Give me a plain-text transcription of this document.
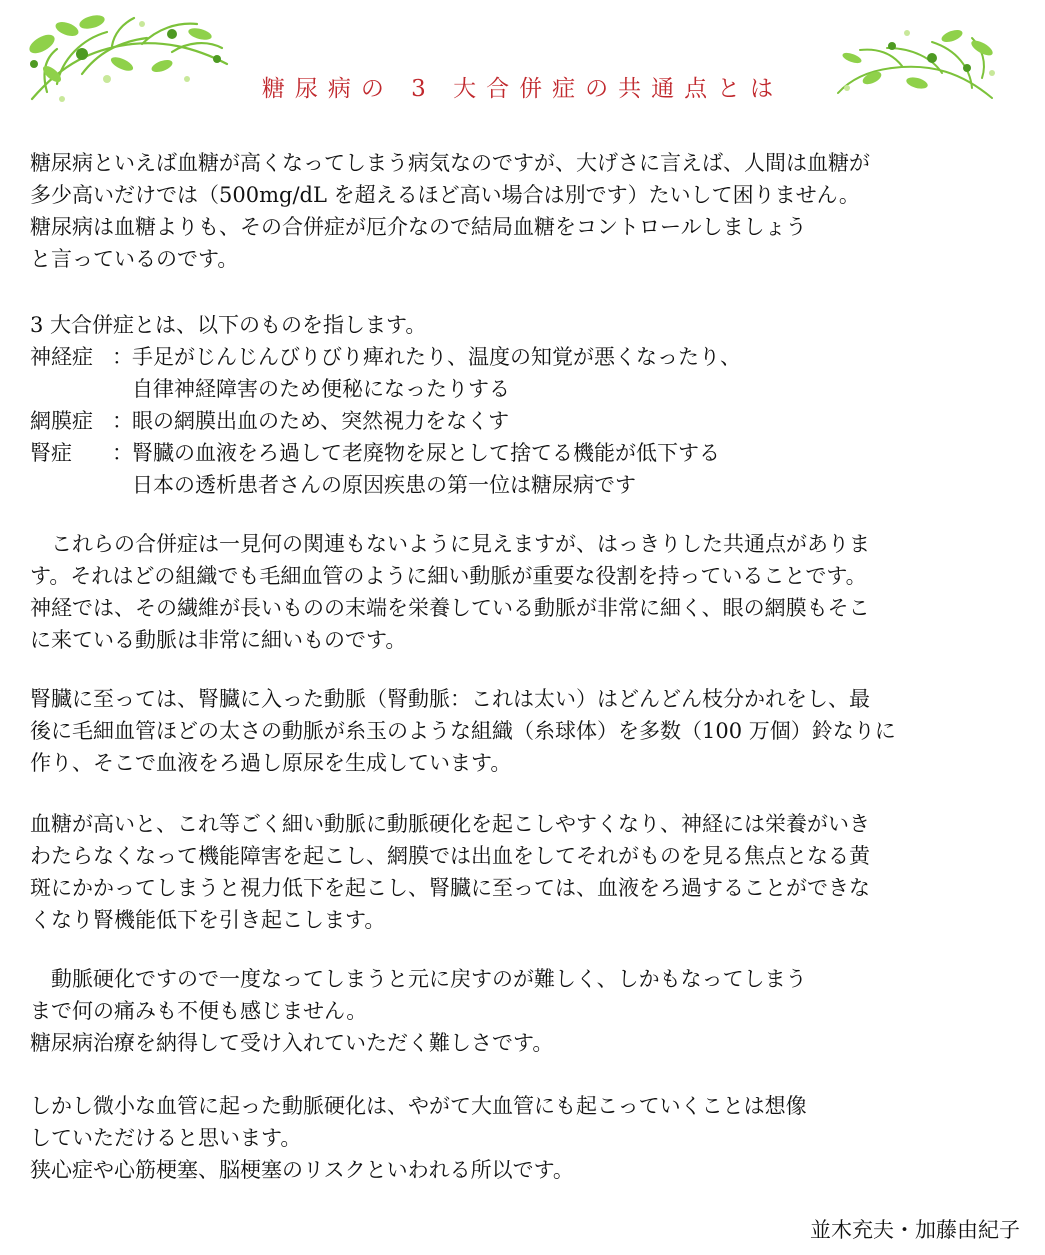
糖尿病の 3 大合併症の共通点とは
糖尿病といえば血糖が高くなってしまう病気なのですが、大げさに言えば、人間は血糖が
多少高いだけでは（500mg/dL を超えるほど高い場合は別です）たいして困りません。
糖尿病は血糖よりも、その合併症が厄介なので結局血糖をコントロールしましょう
と言っているのです。
3 大合併症とは、以下のものを指します。
神経症 ： 手足がじんじんびりびり痺れたり、温度の知覚が悪くなったり、
自律神経障害のため便秘になったりする
網膜症 ： 眼の網膜出血のため、突然視力をなくす
腎症	： 腎臓の血液をろ過して老廃物を尿として捨てる機能が低下する
日本の透析患者さんの原因疾患の第一位は糖尿病です
これらの合併症は一見何の関連もないように見えますが、はっきりした共通点がありま
す。それはどの組織でも毛細血管のように細い動脈が重要な役割を持っていることです。
神経では、その繊維が長いものの末端を栄養している動脈が非常に細く、眼の網膜もそこ
に来ている動脈は非常に細いものです。
腎臓に至っては、腎臓に入った動脈（腎動脈：これは太い）はどんどん枝分かれをし、最
後に毛細血管ほどの太さの動脈が糸玉のような組織（糸球体）を多数（100 万個）鈴なりに
作り、そこで血液をろ過し原尿を生成しています。
血糖が高いと、これ等ごく細い動脈に動脈硬化を起こしやすくなり、神経には栄養がいき
わたらなくなって機能障害を起こし、網膜では出血をしてそれがものを見る焦点となる黄
斑にかかってしまうと視力低下を起こし、腎臓に至っては、血液をろ過することができな
くなり腎機能低下を引き起こします。
動脈硬化ですので一度なってしまうと元に戻すのが難しく、しかもなってしまう
まで何の痛みも不便も感じません。
糖尿病治療を納得して受け入れていただく難しさです。
しかし微小な血管に起った動脈硬化は、やがて大血管にも起こっていくことは想像
していただけると思います。
狭心症や心筋梗塞、脳梗塞のリスクといわれる所以です。
並木充夫・加藤由紀子
